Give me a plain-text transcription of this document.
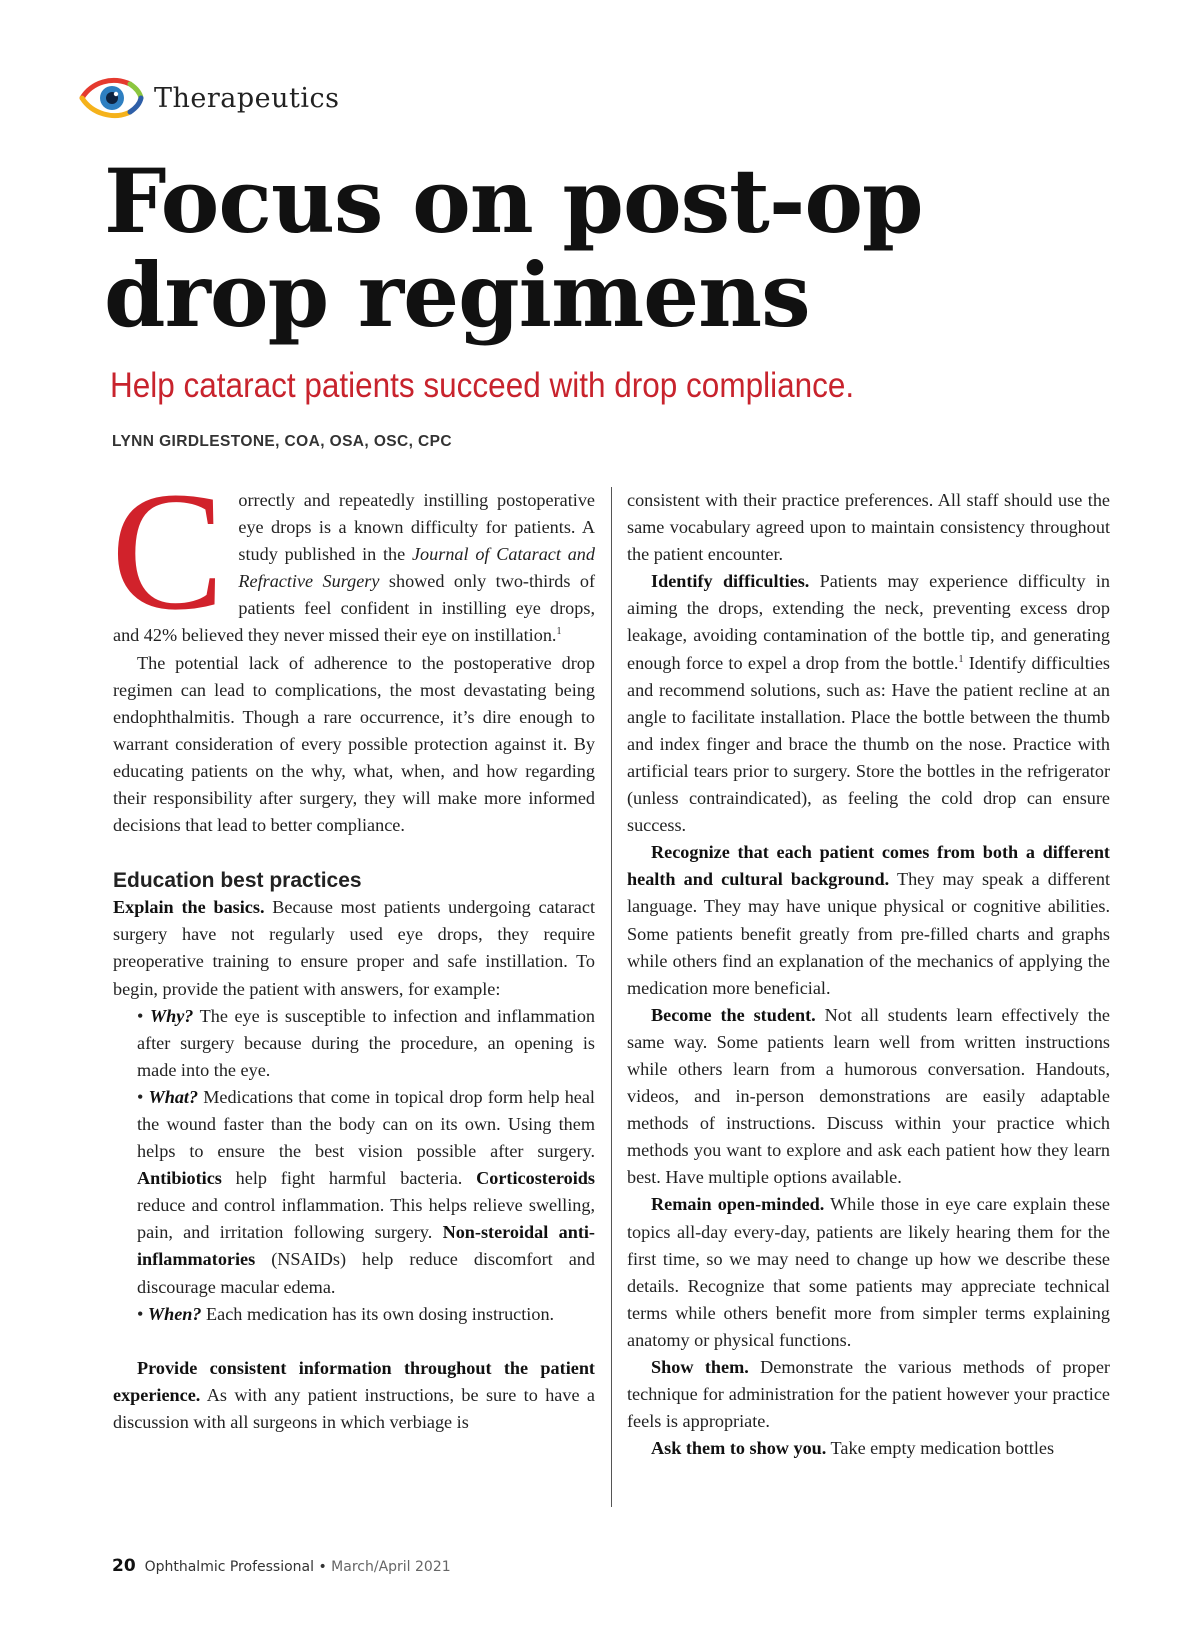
Therapeutics
Focus on post-op
drop regimens

Help cataract patients succeed with drop compliance.

LYNN GIRDLESTONE, COA, OSA, OSC, CPC

Correctly and repeatedly instilling postoperative eye drops is a known difficulty for patients. A study published in the Journal of Cataract and Refractive Surgery showed only two-thirds of patients feel confident in instilling eye drops, and 42% believed they never missed their eye on instillation.$^1$

The potential lack of adherence to the postoperative drop regimen can lead to complications, the most devastating being endophthalmitis. Though a rare occurrence, it’s dire enough to warrant consideration of every possible protection against it. By educating patients on the why, what, when, and how regarding their responsibility after surgery, they will make more informed decisions that lead to better compliance.

Education best practices

Explain the basics. Because most patients undergoing cataract surgery have not regularly used eye drops, they require preoperative training to ensure proper and safe instillation. To begin, provide the patient with answers, for example:

• Why? The eye is susceptible to infection and inflammation after surgery because during the procedure, an opening is made into the eye.

• What? Medications that come in topical drop form help heal the wound faster than the body can on its own. Using them helps to ensure the best vision possible after surgery. Antibiotics help fight harmful bacteria. Corticosteroids reduce and control inflammation. This helps relieve swelling, pain, and irritation following surgery. Non-steroidal anti-inflammatories (NSAIDs) help reduce discomfort and discourage macular edema.

• When? Each medication has its own dosing instruction.

Provide consistent information throughout the patient experience. As with any patient instructions, be sure to have a discussion with all surgeons in which verbiage is

consistent with their practice preferences. All staff should use the same vocabulary agreed upon to maintain consistency throughout the patient encounter.

Identify difficulties. Patients may experience difficulty in aiming the drops, extending the neck, preventing excess drop leakage, avoiding contamination of the bottle tip, and generating enough force to expel a drop from the bottle.$^1$ Identify difficulties and recommend solutions, such as: Have the patient recline at an angle to facilitate installation. Place the bottle between the thumb and index finger and brace the thumb on the nose. Practice with artificial tears prior to surgery. Store the bottles in the refrigerator (unless contraindicated), as feeling the cold drop can ensure success.

Recognize that each patient comes from both a different health and cultural background. They may speak a different language. They may have unique physical or cognitive abilities. Some patients benefit greatly from pre-filled charts and graphs while others find an explanation of the mechanics of applying the medication more beneficial.

Become the student. Not all students learn effectively the same way. Some patients learn well from written instructions while others learn from a humorous conversation. Handouts, videos, and in-person demonstrations are easily adaptable methods of instructions. Discuss within your practice which methods you want to explore and ask each patient how they learn best. Have multiple options available.

Remain open-minded. While those in eye care explain these topics all-day every-day, patients are likely hearing them for the first time, so we may need to change up how we describe these details. Recognize that some patients may appreciate technical terms while others benefit more from simpler terms explaining anatomy or physical functions.

Show them. Demonstrate the various methods of proper technique for administration for the patient however your practice feels is appropriate.

Ask them to show you. Take empty medication bottles

20 Ophthalmic Professional • March/April 2021
